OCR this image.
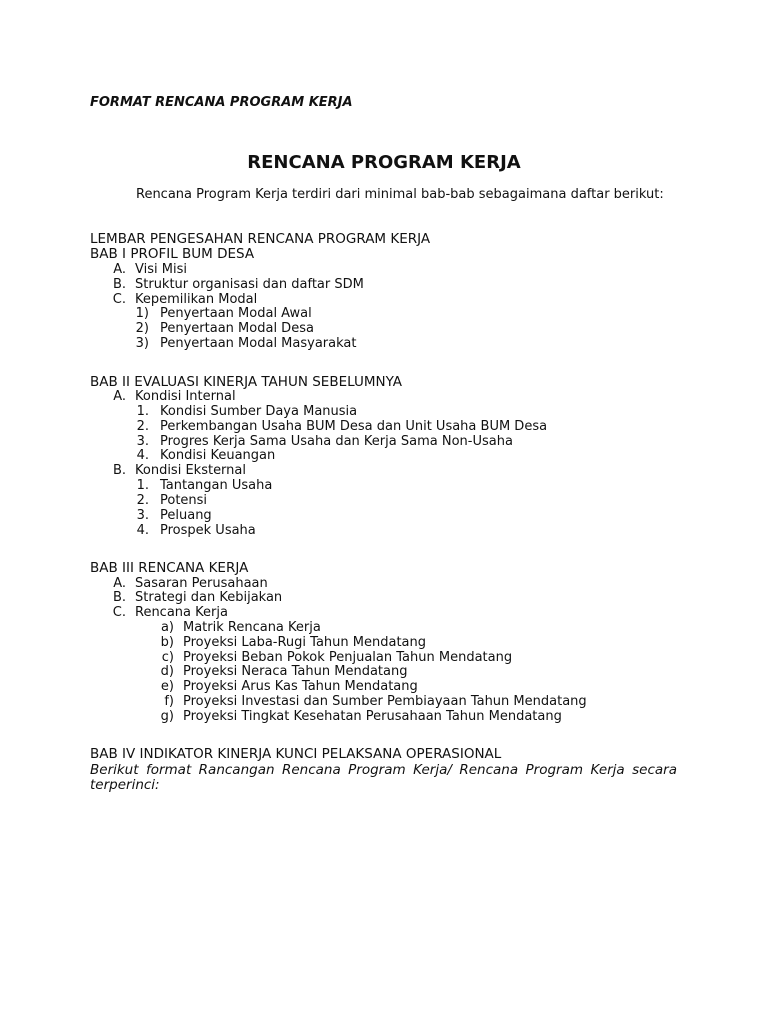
FORMAT RENCANA PROGRAM KERJA
RENCANA PROGRAM KERJA
Rencana Program Kerja terdiri dari minimal bab-bab sebagaimana daftar berikut:
LEMBAR PENGESAHAN RENCANA PROGRAM KERJA
BAB I PROFIL BUM DESA
A. Visi Misi
B. Struktur organisasi dan daftar SDM
C. Kepemilikan Modal
1) Penyertaan Modal Awal
2) Penyertaan Modal Desa
3) Penyertaan Modal Masyarakat
BAB II EVALUASI KINERJA TAHUN SEBELUMNYA
A. Kondisi Internal
1. Kondisi Sumber Daya Manusia
2. Perkembangan Usaha BUM Desa dan Unit Usaha BUM Desa
3. Progres Kerja Sama Usaha dan Kerja Sama Non-Usaha
4. Kondisi Keuangan
B. Kondisi Eksternal
1. Tantangan Usaha
2. Potensi
3. Peluang
4. Prospek Usaha
BAB III RENCANA KERJA
A. Sasaran Perusahaan
B. Strategi dan Kebijakan
C. Rencana Kerja
a) Matrik Rencana Kerja
b) Proyeksi Laba-Rugi Tahun Mendatang
c) Proyeksi Beban Pokok Penjualan Tahun Mendatang
d) Proyeksi Neraca Tahun Mendatang
e) Proyeksi Arus Kas Tahun Mendatang
f) Proyeksi Investasi dan Sumber Pembiayaan Tahun Mendatang
g) Proyeksi Tingkat Kesehatan Perusahaan Tahun Mendatang
BAB IV INDIKATOR KINERJA KUNCI PELAKSANA OPERASIONAL
Berikut format Rancangan Rencana Program Kerja/ Rencana Program Kerja secara terperinci:
